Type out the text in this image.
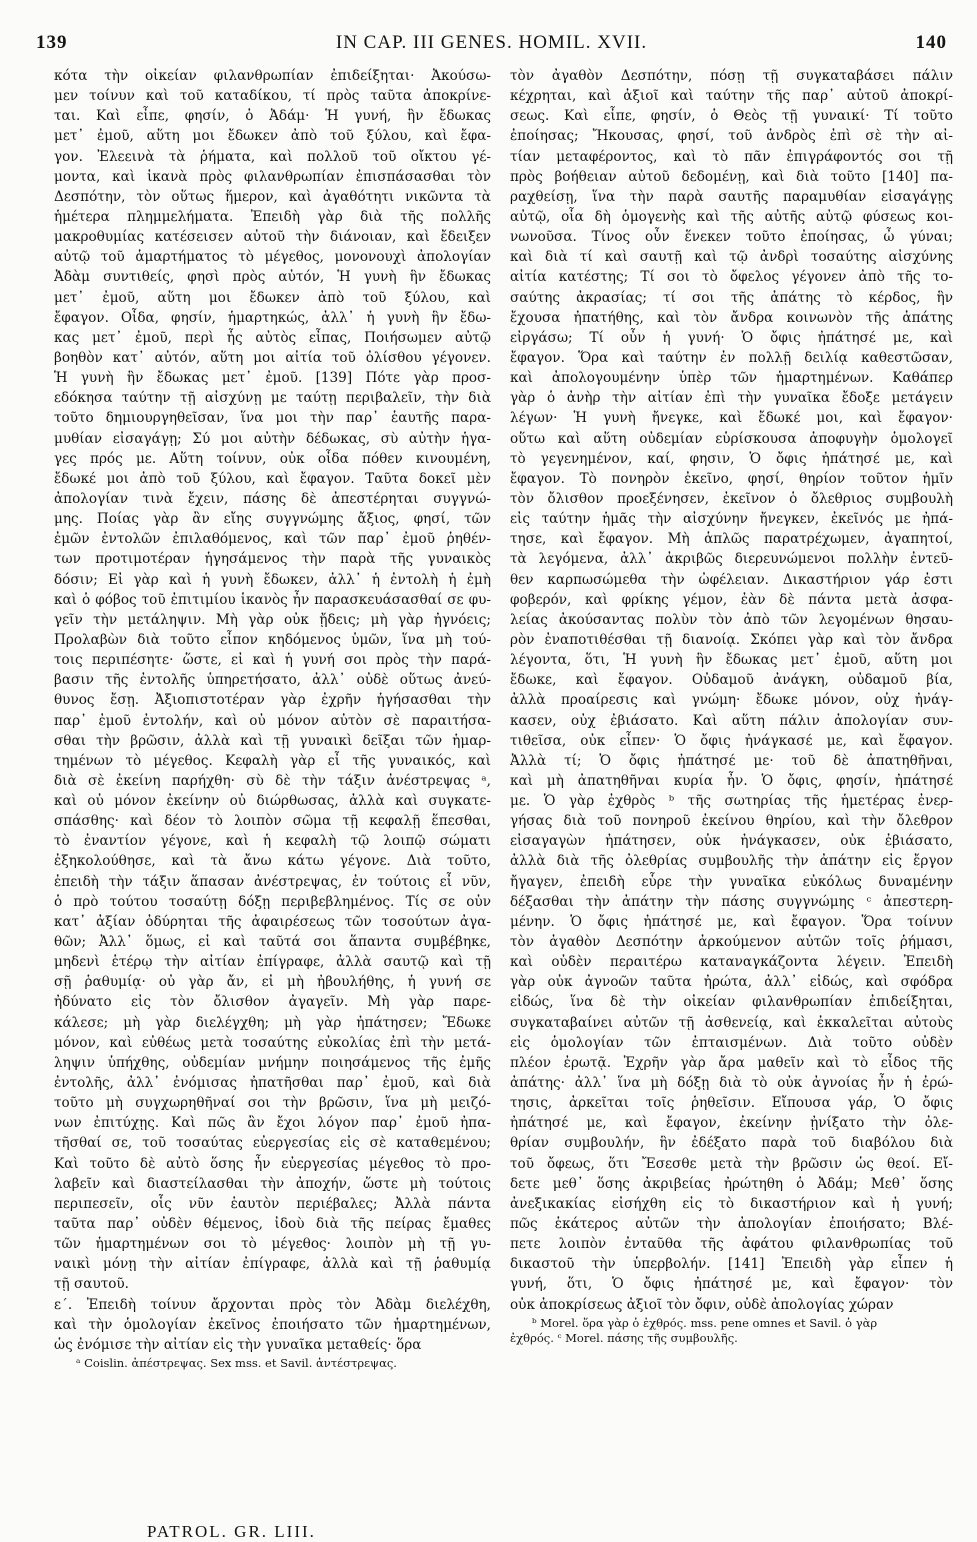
139	IN CAP. III GENES. HOMIL. XVII.	140
κότα τὴν οἰκείαν φιλανθρωπίαν ἐπιδείξηται· Ἀκούσω-
μεν τοίνυν καὶ τοῦ καταδίκου, τί πρὸς ταῦτα ἀποκρίνε-
ται. Καὶ εἶπε, φησίν, ὁ Ἀδάμ· Ἡ γυνή, ἣν ἔδωκας
μετ᾽ ἐμοῦ, αὕτη μοι ἔδωκεν ἀπὸ τοῦ ξύλου, καὶ ἔφα-
γον. Ἐλεεινὰ τὰ ῥήματα, καὶ πολλοῦ τοῦ οἴκτου γέ-
μοντα, καὶ ἱκανὰ πρὸς φιλανθρωπίαν ἐπισπάσασθαι τὸν
Δεσπότην, τὸν οὕτως ἥμερον, καὶ ἀγαθότητι νικῶντα τὰ
ἡμέτερα πλημμελήματα. Ἐπειδὴ γὰρ διὰ τῆς πολλῆς
μακροθυμίας κατέσεισεν αὐτοῦ τὴν διάνοιαν, καὶ ἔδειξεν
αὐτῷ τοῦ ἁμαρτήματος τὸ μέγεθος, μονονουχὶ ἀπολογίαν
Ἀδὰμ συντιθείς, φησὶ πρὸς αὐτόν, Ἡ γυνὴ ἣν ἔδωκας
μετ᾽ ἐμοῦ, αὕτη μοι ἔδωκεν ἀπὸ τοῦ ξύλου, καὶ
ἔφαγον. Οἶδα, φησίν, ἡμαρτηκώς, ἀλλ᾽ ἡ γυνὴ ἣν ἔδω-
κας μετ᾽ ἐμοῦ, περὶ ἧς αὐτὸς εἶπας, Ποιήσωμεν αὐτῷ
βοηθὸν κατ᾽ αὐτόν, αὕτη μοι αἰτία τοῦ ὀλίσθου γέγονεν.
Ἡ γυνὴ ἣν ἔδωκας μετ᾽ ἐμοῦ. [139] Πότε γὰρ προσ-
εδόκησα ταύτην τῇ αἰσχύνῃ με ταύτῃ περιβαλεῖν, τὴν διὰ
τοῦτο δημιουργηθεῖσαν, ἵνα μοι τὴν παρ᾽ ἑαυτῆς παρα-
μυθίαν εἰσαγάγῃ; Σύ μοι αὐτὴν δέδωκας, σὺ αὐτὴν ἡγα-
γες πρός με. Αὕτη τοίνυν, οὐκ οἶδα πόθεν κινουμένη,
ἔδωκέ μοι ἀπὸ τοῦ ξύλου, καὶ ἔφαγον. Ταῦτα δοκεῖ μὲν
ἀπολογίαν τινὰ ἔχειν, πάσης δὲ ἀπεστέρηται συγγνώ-
μης. Ποίας γὰρ ἂν εἴης συγγνώμης ἄξιος, φησί, τῶν
ἐμῶν ἐντολῶν ἐπιλαθόμενος, καὶ τῶν παρ᾽ ἐμοῦ ῥηθέν-
των προτιμοτέραν ἡγησάμενος τὴν παρὰ τῆς γυναικὸς
δόσιν; Εἰ γὰρ καὶ ἡ γυνὴ ἔδωκεν, ἀλλ᾽ ἡ ἐντολὴ ἡ ἐμὴ
καὶ ὁ φόβος τοῦ ἐπιτιμίου ἱκανὸς ἦν παρασκευάσασθαί σε φυ-
γεῖν τὴν μετάληψιν. Μὴ γὰρ οὐκ ᾔδεις; μὴ γὰρ ἠγνόεις;
Προλαβὼν διὰ τοῦτο εἶπον κηδόμενος ὑμῶν, ἵνα μὴ τού-
τοις περιπέσητε· ὥστε, εἰ καὶ ἡ γυνή σοι πρὸς τὴν παρά-
βασιν τῆς ἐντολῆς ὑπηρετήσατο, ἀλλ᾽ οὐδὲ οὕτως ἀνεύ-
θυνος ἔσῃ. Ἀξιοπιστοτέραν γὰρ ἐχρῆν ἡγήσασθαι τὴν
παρ᾽ ἐμοῦ ἐντολήν, καὶ οὐ μόνον αὐτὸν σὲ παραιτήσα-
σθαι τὴν βρῶσιν, ἀλλὰ καὶ τῇ γυναικὶ δεῖξαι τῶν ἡμαρ-
τημένων τὸ μέγεθος. Κεφαλὴ γὰρ εἶ τῆς γυναικός, καὶ
διὰ σὲ ἐκείνη παρήχθη· σὺ δὲ τὴν τάξιν ἀνέστρεψας ᵃ,
καὶ οὐ μόνον ἐκείνην οὐ διώρθωσας, ἀλλὰ καὶ συγκατε-
σπάσθης· καὶ δέον τὸ λοιπὸν σῶμα τῇ κεφαλῇ ἕπεσθαι,
τὸ ἐναντίον γέγονε, καὶ ἡ κεφαλὴ τῷ λοιπῷ σώματι
ἐξηκολούθησε, καὶ τὰ ἄνω κάτω γέγονε. Διὰ τοῦτο,
ἐπειδὴ τὴν τάξιν ἅπασαν ἀνέστρεψας, ἐν τούτοις εἶ νῦν,
ὁ πρὸ τούτου τοσαύτῃ δόξῃ περιβεβλημένος. Τίς σε οὐν
κατ᾽ ἀξίαν ὀδύρηται τῆς ἀφαιρέσεως τῶν τοσούτων ἀγα-
θῶν; Ἀλλ᾽ ὅμως, εἰ καὶ ταῦτά σοι ἅπαντα συμβέβηκε,
μηδενὶ ἑτέρῳ τὴν αἰτίαν ἐπίγραφε, ἀλλὰ σαυτῷ καὶ τῇ
σῇ ῥαθυμίᾳ· οὐ γὰρ ἄν, εἰ μὴ ἠβουλήθης, ἡ γυνή σε
ἠδύνατο εἰς τὸν ὄλισθον ἀγαγεῖν. Μὴ γὰρ παρε-
κάλεσε; μὴ γὰρ διελέγχθη; μὴ γὰρ ἠπάτησεν; Ἔδωκε
μόνον, καὶ εὐθέως μετὰ τοσαύτης εὐκολίας ἐπὶ τὴν μετά-
ληψιν ὑπήχθης, οὐδεμίαν μνήμην ποιησάμενος τῆς ἐμῆς
ἐντολῆς, ἀλλ᾽ ἐνόμισας ἠπατῆσθαι παρ᾽ ἐμοῦ, καὶ διὰ
τοῦτο μὴ συγχωρηθῆναί σοι τὴν βρῶσιν, ἵνα μὴ μειζό-
νων ἐπιτύχῃς. Καὶ πῶς ἂν ἔχοι λόγον παρ᾽ ἐμοῦ ἠπα-
τῆσθαί σε, τοῦ τοσαύτας εὐεργεσίας εἰς σὲ καταθεμένου;
Καὶ τοῦτο δὲ αὐτὸ ὅσης ἦν εὐεργεσίας μέγεθος τὸ προ-
λαβεῖν καὶ διαστείλασθαι τὴν ἀποχήν, ὥστε μὴ τούτοις
περιπεσεῖν, οἷς νῦν ἑαυτὸν περιέβαλες; Ἀλλὰ πάντα
ταῦτα παρ᾽ οὐδὲν θέμενος, ἰδοὺ διὰ τῆς πείρας ἔμαθες
τῶν ἡμαρτημένων σοι τὸ μέγεθος· λοιπὸν μὴ τῇ γυ-
ναικὶ μόνῃ τὴν αἰτίαν ἐπίγραφε, ἀλλὰ καὶ τῇ ῥαθυμίᾳ
τῇ σαυτοῦ.
ε΄. Ἐπειδὴ τοίνυν ἄρχονται πρὸς τὸν Ἀδὰμ διελέχθη,
καὶ τὴν ὁμολογίαν ἐκεῖνος ἐποιήσατο τῶν ἡμαρτημένων,
ὡς ἐνόμισε τὴν αἰτίαν εἰς τὴν γυναῖκα μεταθείς· ὅρα
ᵃ Coislin. ἀπέστρεψας. Sex mss. et Savil. ἀντέστρεψας.
τὸν ἀγαθὸν Δεσπότην, πόσῃ τῇ συγκαταβάσει πάλιν
κέχρηται, καὶ ἀξιοῖ καὶ ταύτην τῆς παρ᾽ αὐτοῦ ἀποκρί-
σεως. Καὶ εἶπε, φησίν, ὁ Θεὸς τῇ γυναικί· Τί τοῦτο
ἐποίησας; Ἤκουσας, φησί, τοῦ ἀνδρὸς ἐπὶ σὲ τὴν αἰ-
τίαν μεταφέροντος, καὶ τὸ πᾶν ἐπιγράφοντός σοι τῇ
πρὸς βοήθειαν αὐτοῦ δεδομένῃ, καὶ διὰ τοῦτο [140] πα-
ραχθείσῃ, ἵνα τὴν παρὰ σαυτῆς παραμυθίαν εἰσαγάγῃς
αὐτῷ, οἷα δὴ ὁμογενὴς καὶ τῆς αὐτῆς αὐτῷ φύσεως κοι-
νωνοῦσα. Τίνος οὖν ἕνεκεν τοῦτο ἐποίησας, ὦ γύναι;
καὶ διὰ τί καὶ σαυτῇ καὶ τῷ ἀνδρὶ τοσαύτης αἰσχύνης
αἰτία κατέστης; Τί σοι τὸ ὄφελος γέγονεν ἀπὸ τῆς το-
σαύτης ἀκρασίας; τί σοι τῆς ἀπάτης τὸ κέρδος, ἣν
ἔχουσα ἠπατήθης, καὶ τὸν ἄνδρα κοινωνὸν τῆς ἀπάτης
εἰργάσω; Τί οὖν ἡ γυνή· Ὁ ὄφις ἠπάτησέ με, καὶ
ἔφαγον. Ὅρα καὶ ταύτην ἐν πολλῇ δειλίᾳ καθεστῶσαν,
καὶ ἀπολογουμένην ὑπὲρ τῶν ἡμαρτημένων. Καθάπερ
γὰρ ὁ ἀνὴρ τὴν αἰτίαν ἐπὶ τὴν γυναῖκα ἔδοξε μετάγειν
λέγων· Ἡ γυνὴ ἤνεγκε, καὶ ἔδωκέ μοι, καὶ ἔφαγον·
οὕτω καὶ αὕτη οὐδεμίαν εὑρίσκουσα ἀποφυγὴν ὁμολογεῖ
τὸ γεγενημένον, καί, φησιν, Ὁ ὄφις ἠπάτησέ με, καὶ
ἔφαγον. Τὸ πονηρὸν ἐκεῖνο, φησί, θηρίον τοῦτον ἡμῖν
τὸν ὄλισθον προεξένησεν, ἐκεῖνον ὁ ὄλεθριος συμβουλὴ
εἰς ταύτην ἡμᾶς τὴν αἰσχύνην ἤνεγκεν, ἐκεῖνός με ἠπά-
τησε, καὶ ἔφαγον. Μὴ ἁπλῶς παρατρέχωμεν, ἀγαπητοί,
τὰ λεγόμενα, ἀλλ᾽ ἀκριβῶς διερευνώμενοι πολλὴν ἐντεῦ-
θεν καρπωσώμεθα τὴν ὠφέλειαν. Δικαστήριον γάρ ἐστι
φοβερόν, καὶ φρίκης γέμον, ἐὰν δὲ πάντα μετὰ ἀσφα-
λείας ἀκούσαντας πολὺν τὸν ἀπὸ τῶν λεγομένων θησαυ-
ρὸν ἐναποτιθέσθαι τῇ διανοίᾳ. Σκόπει γὰρ καὶ τὸν ἄνδρα
λέγοντα, ὅτι, Ἡ γυνὴ ἣν ἔδωκας μετ᾽ ἐμοῦ, αὕτη μοι
ἔδωκε, καὶ ἔφαγον. Οὐδαμοῦ ἀνάγκη, οὐδαμοῦ βία,
ἀλλὰ προαίρεσις καὶ γνώμη· ἔδωκε μόνον, οὐχ ἠνάγ-
κασεν, οὐχ ἐβιάσατο. Καὶ αὕτη πάλιν ἀπολογίαν συν-
τιθεῖσα, οὐκ εἶπεν· Ὁ ὄφις ἠνάγκασέ με, καὶ ἔφαγον.
Ἀλλὰ τί; Ὁ ὄφις ἠπάτησέ με· τοῦ δὲ ἀπατηθῆναι,
καὶ μὴ ἀπατηθῆναι κυρία ἦν. Ὁ ὄφις, φησίν, ἠπάτησέ
με. Ὁ γὰρ ἐχθρὸς ᵇ τῆς σωτηρίας τῆς ἡμετέρας ἐνερ-
γήσας διὰ τοῦ πονηροῦ ἐκείνου θηρίου, καὶ τὴν ὄλεθρον
εἰσαγαγὼν ἠπάτησεν, οὐκ ἠνάγκασεν, οὐκ ἐβιάσατο,
ἀλλὰ διὰ τῆς ὀλεθρίας συμβουλῆς τὴν ἀπάτην εἰς ἔργον
ἤγαγεν, ἐπειδὴ εὗρε τὴν γυναῖκα εὐκόλως δυναμένην
δέξασθαι τὴν ἀπάτην τὴν πάσης συγγνώμης ᶜ ἀπεστερη-
μένην. Ὁ ὄφις ἠπάτησέ με, καὶ ἔφαγον. Ὅρα τοίνυν
τὸν ἀγαθὸν Δεσπότην ἀρκούμενον αὐτῶν τοῖς ῥήμασι,
καὶ οὐδὲν περαιτέρω καταναγκάζοντα λέγειν. Ἐπειδὴ
γὰρ οὐκ ἀγνοῶν ταῦτα ἠρώτα, ἀλλ᾽ εἰδώς, καὶ σφόδρα
εἰδώς, ἵνα δὲ τὴν οἰκείαν φιλανθρωπίαν ἐπιδείξηται,
συγκαταβαίνει αὐτῶν τῇ ἀσθενείᾳ, καὶ ἐκκαλεῖται αὐτοὺς
εἰς ὁμολογίαν τῶν ἐπταισμένων. Διὰ τοῦτο οὐδὲν
πλέον ἐρωτᾷ. Ἐχρῆν γὰρ ἄρα μαθεῖν καὶ τὸ εἶδος τῆς
ἀπάτης· ἀλλ᾽ ἵνα μὴ δόξῃ διὰ τὸ οὐκ ἀγνοίας ἦν ἡ ἐρώ-
τησις, ἀρκεῖται τοῖς ῥηθεῖσιν. Εἴπουσα γάρ, Ὁ ὄφις
ἠπάτησέ με, καὶ ἔφαγον, ἐκείνην ᾐνίξατο τὴν ὀλε-
θρίαν συμβουλήν, ἣν ἐδέξατο παρὰ τοῦ διαβόλου διὰ
τοῦ ὄφεως, ὅτι Ἔσεσθε μετὰ τὴν βρῶσιν ὡς θεοί. Εἴ-
δετε μεθ᾽ ὅσης ἀκριβείας ἠρώτηθη ὁ Ἀδάμ; Μεθ᾽ ὅσης
ἀνεξικακίας εἰσήχθη εἰς τὸ δικαστήριον καὶ ἡ γυνή;
πῶς ἑκάτερος αὐτῶν τὴν ἀπολογίαν ἐποιήσατο; Βλέ-
πετε λοιπὸν ἐνταῦθα τῆς ἀφάτου φιλανθρωπίας τοῦ
δικαστοῦ τὴν ὑπερβολήν. [141] Ἐπειδὴ γὰρ εἶπεν ἡ
γυνή, ὅτι, Ὁ ὄφις ἠπάτησέ με, καὶ ἔφαγον· τὸν
οὐκ ἀποκρίσεως ἀξιοῖ τὸν ὄφιν, οὐδὲ ἀπολογίας χώραν
ᵇ Morel. ὅρα γὰρ ὁ ἐχθρός. mss. pene omnes et Savil. ὁ γὰρ
ἐχθρός. ᶜ Morel. πάσης τῆς συμβουλῆς.
PATROL. GR. LIII.
